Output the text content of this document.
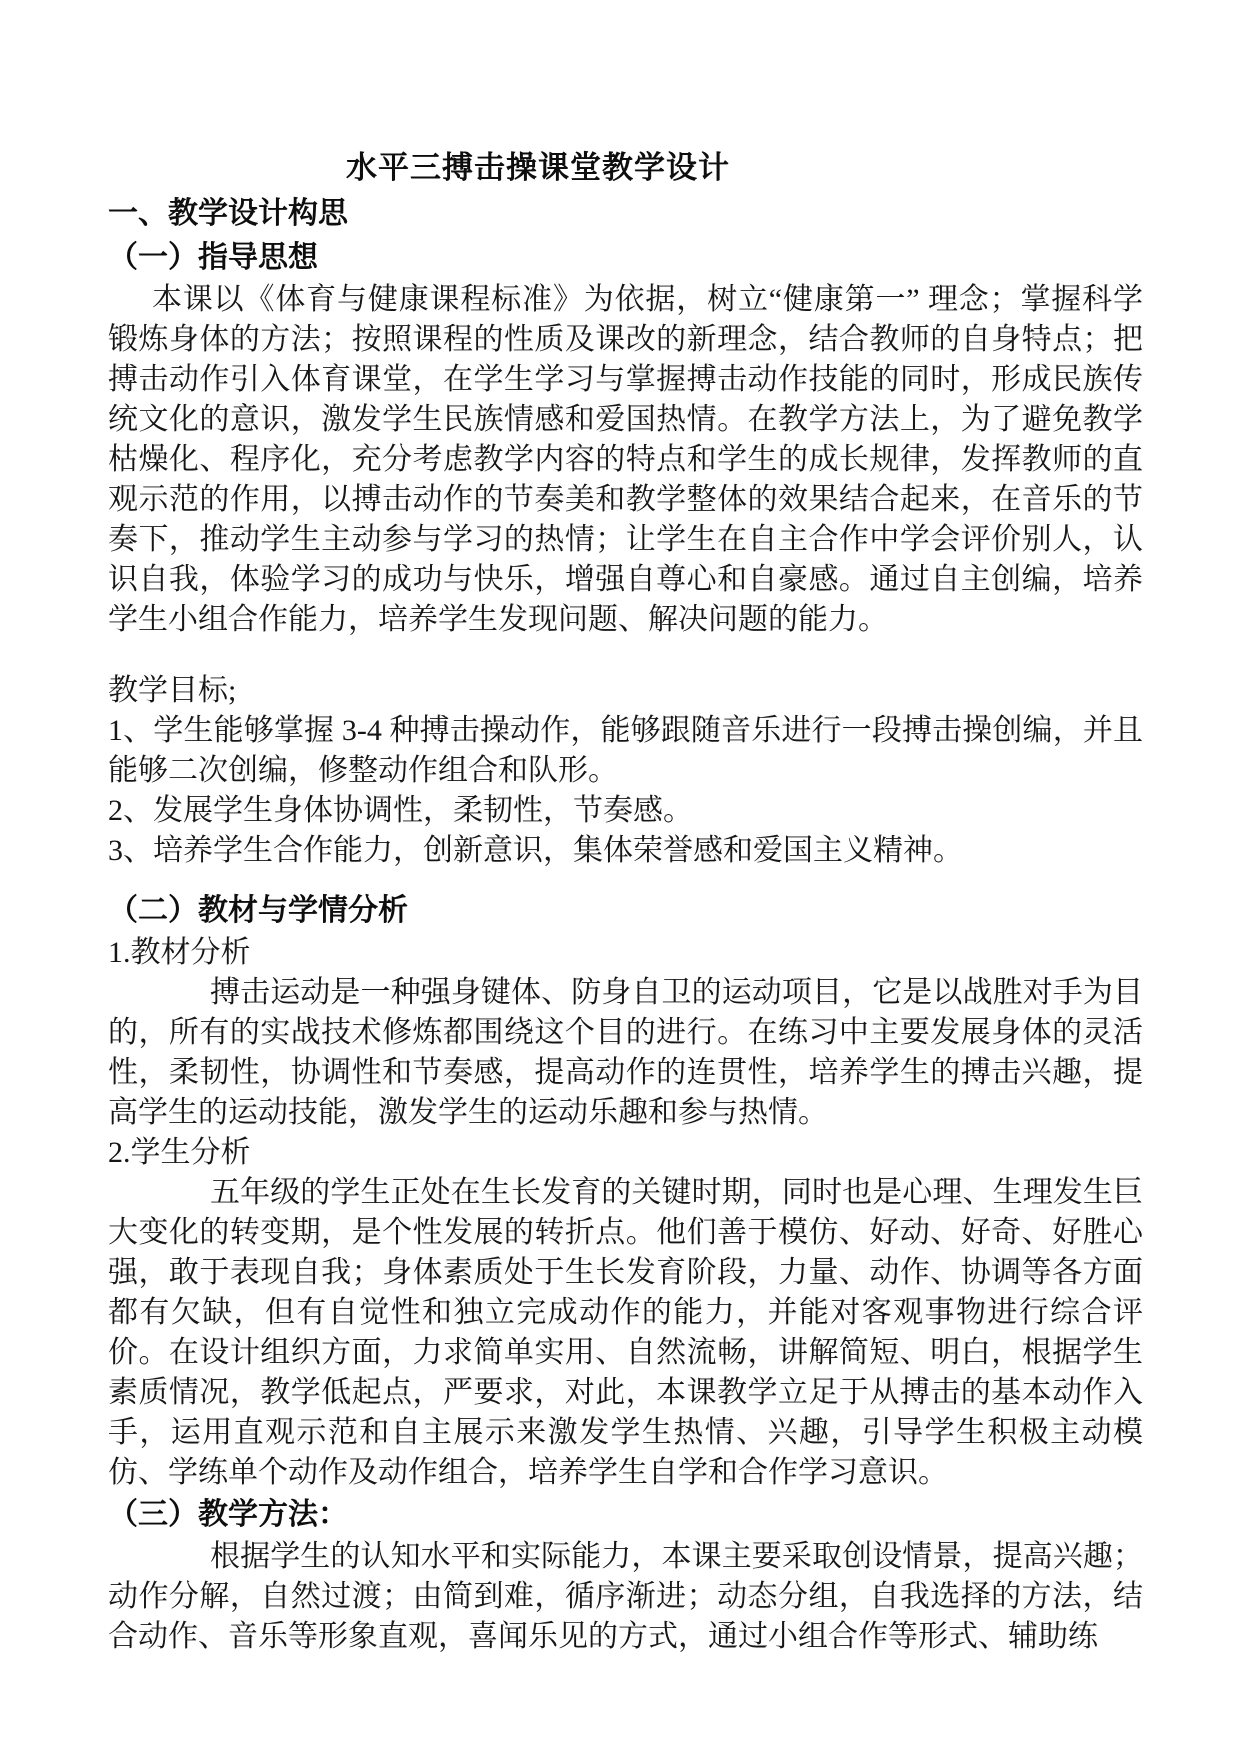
水平三搏击操课堂教学设计
一、教学设计构思
（一）指导思想

本课以《体育与健康课程标准》为依据，树立“健康第一” 理念；掌握科学锻炼身体的方法；按照课程的性质及课改的新理念，结合教师的自身特点；把搏击动作引入体育课堂，在学生学习与掌握搏击动作技能的同时，形成民族传统文化的意识，激发学生民族情感和爱国热情。在教学方法上，为了避免教学枯燥化、程序化，充分考虑教学内容的特点和学生的成长规律，发挥教师的直观示范的作用，以搏击动作的节奏美和教学整体的效果结合起来，在音乐的节奏下，推动学生主动参与学习的热情；让学生在自主合作中学会评价别人，认识自我，体验学习的成功与快乐，增强自尊心和自豪感。通过自主创编，培养学生小组合作能力，培养学生发现问题、解决问题的能力。

教学目标;

1、学生能够掌握 3-4 种搏击操动作，能够跟随音乐进行一段搏击操创编，并且能够二次创编，修整动作组合和队形。

2、发展学生身体协调性，柔韧性，节奏感。

3、培养学生合作能力，创新意识，集体荣誉感和爱国主义精神。

（二）教材与学情分析

1.教材分析

搏击运动是一种强身键体、防身自卫的运动项目，它是以战胜对手为目的，所有的实战技术修炼都围绕这个目的进行。在练习中主要发展身体的灵活性，柔韧性，协调性和节奏感，提高动作的连贯性，培养学生的搏击兴趣，提高学生的运动技能，激发学生的运动乐趣和参与热情。

2.学生分析

五年级的学生正处在生长发育的关键时期，同时也是心理、生理发生巨大变化的转变期，是个性发展的转折点。他们善于模仿、好动、好奇、好胜心强，敢于表现自我；身体素质处于生长发育阶段，力量、动作、协调等各方面都有欠缺，但有自觉性和独立完成动作的能力，并能对客观事物进行综合评价。在设计组织方面，力求简单实用、自然流畅，讲解简短、明白，根据学生素质情况，教学低起点，严要求，对此，本课教学立足于从搏击的基本动作入手，运用直观示范和自主展示来激发学生热情、兴趣，引导学生积极主动模仿、学练单个动作及动作组合，培养学生自学和合作学习意识。

（三）教学方法：

根据学生的认知水平和实际能力，本课主要采取创设情景，提高兴趣；动作分解，自然过渡；由简到难，循序渐进；动态分组，自我选择的方法，结合动作、音乐等形象直观，喜闻乐见的方式，通过小组合作等形式、辅助练
